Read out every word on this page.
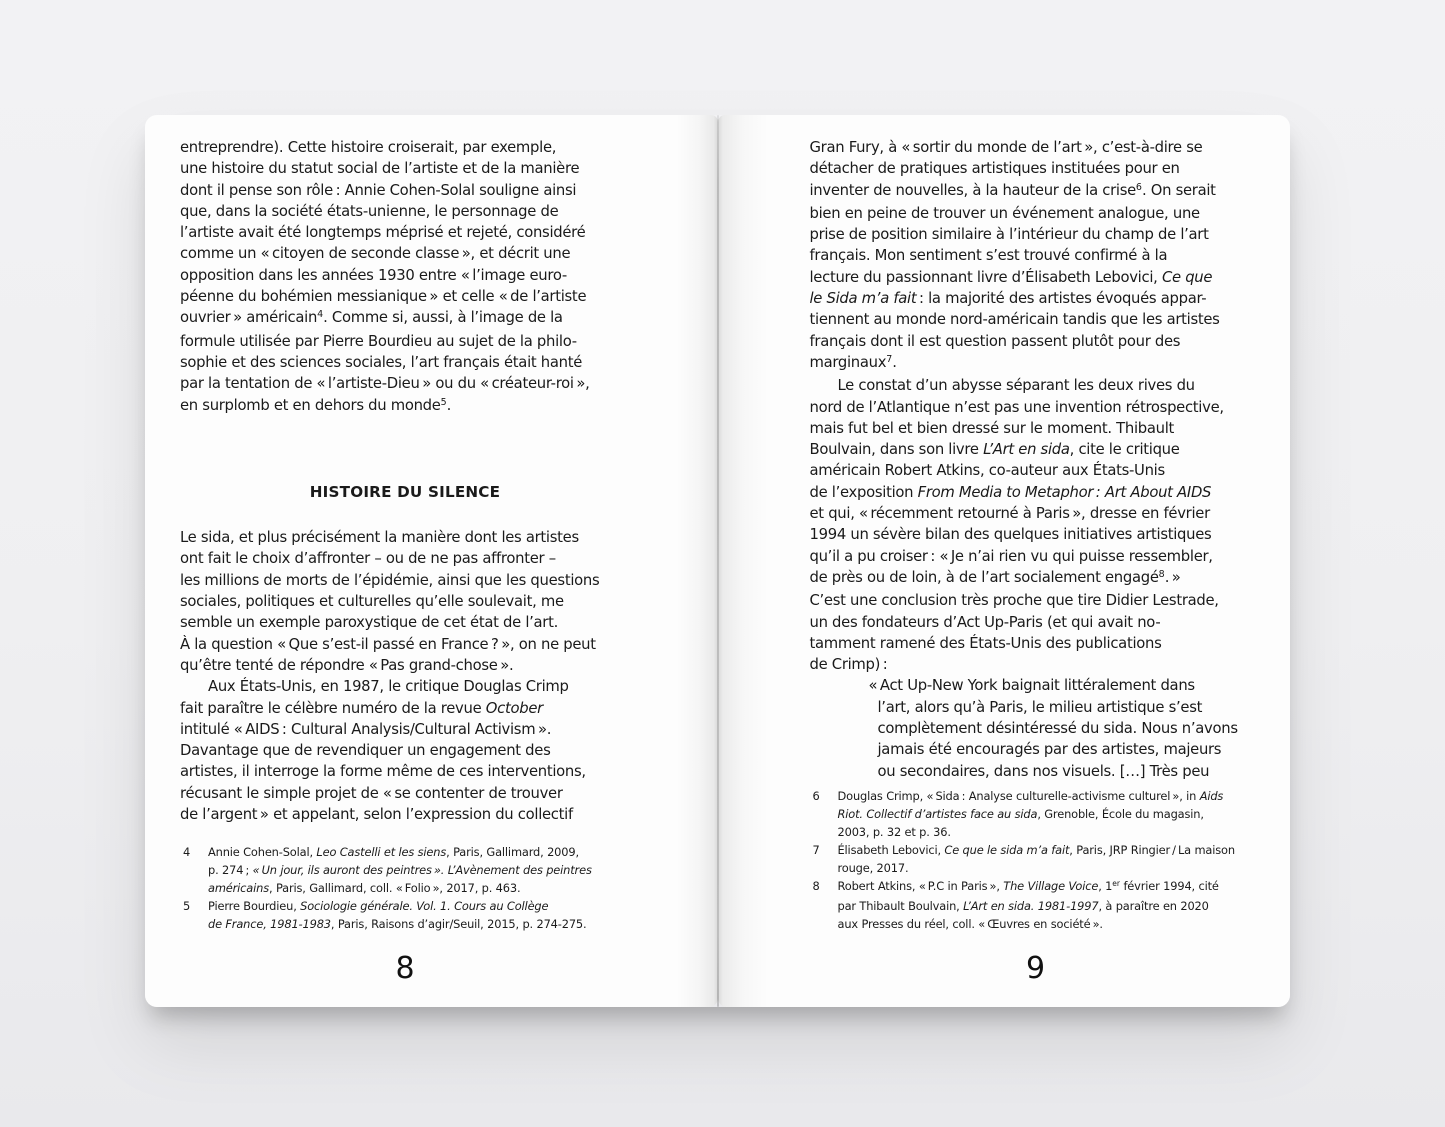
entreprendre). Cette histoire croiserait, par exemple,
une histoire du statut social de l’artiste et de la manière
dont il pense son rôle : Annie Cohen-Solal souligne ainsi
que, dans la société états-unienne, le personnage de
l’artiste avait été longtemps méprisé et rejeté, considéré
comme un « citoyen de seconde classe », et décrit une
opposition dans les années 1930 entre « l’image euro-
péenne du bohémien messianique » et celle « de l’artiste
ouvrier » américain$^4$. Comme si, aussi, à l’image de la
formule utilisée par Pierre Bourdieu au sujet de la philo-
sophie et des sciences sociales, l’art français était hanté
par la tentation de « l’artiste-Dieu » ou du « créateur-roi »,
en surplomb et en dehors du monde$^5$.
HISTOIRE DU SILENCE
Le sida, et plus précisément la manière dont les artistes
ont fait le choix d’affronter – ou de ne pas affronter –
les millions de morts de l’épidémie, ainsi que les questions
sociales, politiques et culturelles qu’elle soulevait, me
semble un exemple paroxystique de cet état de l’art.
À la question « Que s’est-il passé en France ? », on ne peut
qu’être tenté de répondre « Pas grand-chose ».
Aux États-Unis, en 1987, le critique Douglas Crimp
fait paraître le célèbre numéro de la revue October
intitulé « AIDS : Cultural Analysis/Cultural Activism ».
Davantage que de revendiquer un engagement des
artistes, il interroge la forme même de ces interventions,
récusant le simple projet de « se contenter de trouver
de l’argent » et appelant, selon l’expression du collectif
4 Annie Cohen-Solal, Leo Castelli et les siens, Paris, Gallimard, 2009,
p. 274 ; « Un jour, ils auront des peintres ». L’Avènement des peintres
américains, Paris, Gallimard, coll. « Folio », 2017, p. 463.
5 Pierre Bourdieu, Sociologie générale. Vol. 1. Cours au Collège
de France, 1981-1983, Paris, Raisons d’agir/Seuil, 2015, p. 274-275.
8
Gran Fury, à « sortir du monde de l’art », c’est-à-dire se
détacher de pratiques artistiques instituées pour en
inventer de nouvelles, à la hauteur de la crise$^6$. On serait
bien en peine de trouver un événement analogue, une
prise de position similaire à l’intérieur du champ de l’art
français. Mon sentiment s’est trouvé confirmé à la
lecture du passionnant livre d’Élisabeth Lebovici, Ce que
le Sida m’a fait : la majorité des artistes évoqués appar-
tiennent au monde nord-américain tandis que les artistes
français dont il est question passent plutôt pour des
marginaux$^7$.
Le constat d’un abysse séparant les deux rives du
nord de l’Atlantique n’est pas une invention rétrospective,
mais fut bel et bien dressé sur le moment. Thibault
Boulvain, dans son livre L’Art en sida, cite le critique
américain Robert Atkins, co-auteur aux États-Unis
de l’exposition From Media to Metaphor : Art About AIDS
et qui, « récemment retourné à Paris », dresse en février
1994 un sévère bilan des quelques initiatives artistiques
qu’il a pu croiser : « Je n’ai rien vu qui puisse ressembler,
de près ou de loin, à de l’art socialement engagé$^8$. »
C’est une conclusion très proche que tire Didier Lestrade,
un des fondateurs d’Act Up-Paris (et qui avait no-
tamment ramené des États-Unis des publications
de Crimp) :
« Act Up-New York baignait littéralement dans
l’art, alors qu’à Paris, le milieu artistique s’est
complètement désintéressé du sida. Nous n’avons
jamais été encouragés par des artistes, majeurs
ou secondaires, dans nos visuels. […] Très peu
6 Douglas Crimp, « Sida : Analyse culturelle-activisme culturel », in Aids
Riot. Collectif d’artistes face au sida, Grenoble, École du magasin,
2003, p. 32 et p. 36.
7 Élisabeth Lebovici, Ce que le sida m’a fait, Paris, JRP Ringier / La maison
rouge, 2017.
8 Robert Atkins, « P.C in Paris », The Village Voice, 1er février 1994, cité
par Thibault Boulvain, L’Art en sida. 1981-1997, à paraître en 2020
aux Presses du réel, coll. « Œuvres en société ».
9
